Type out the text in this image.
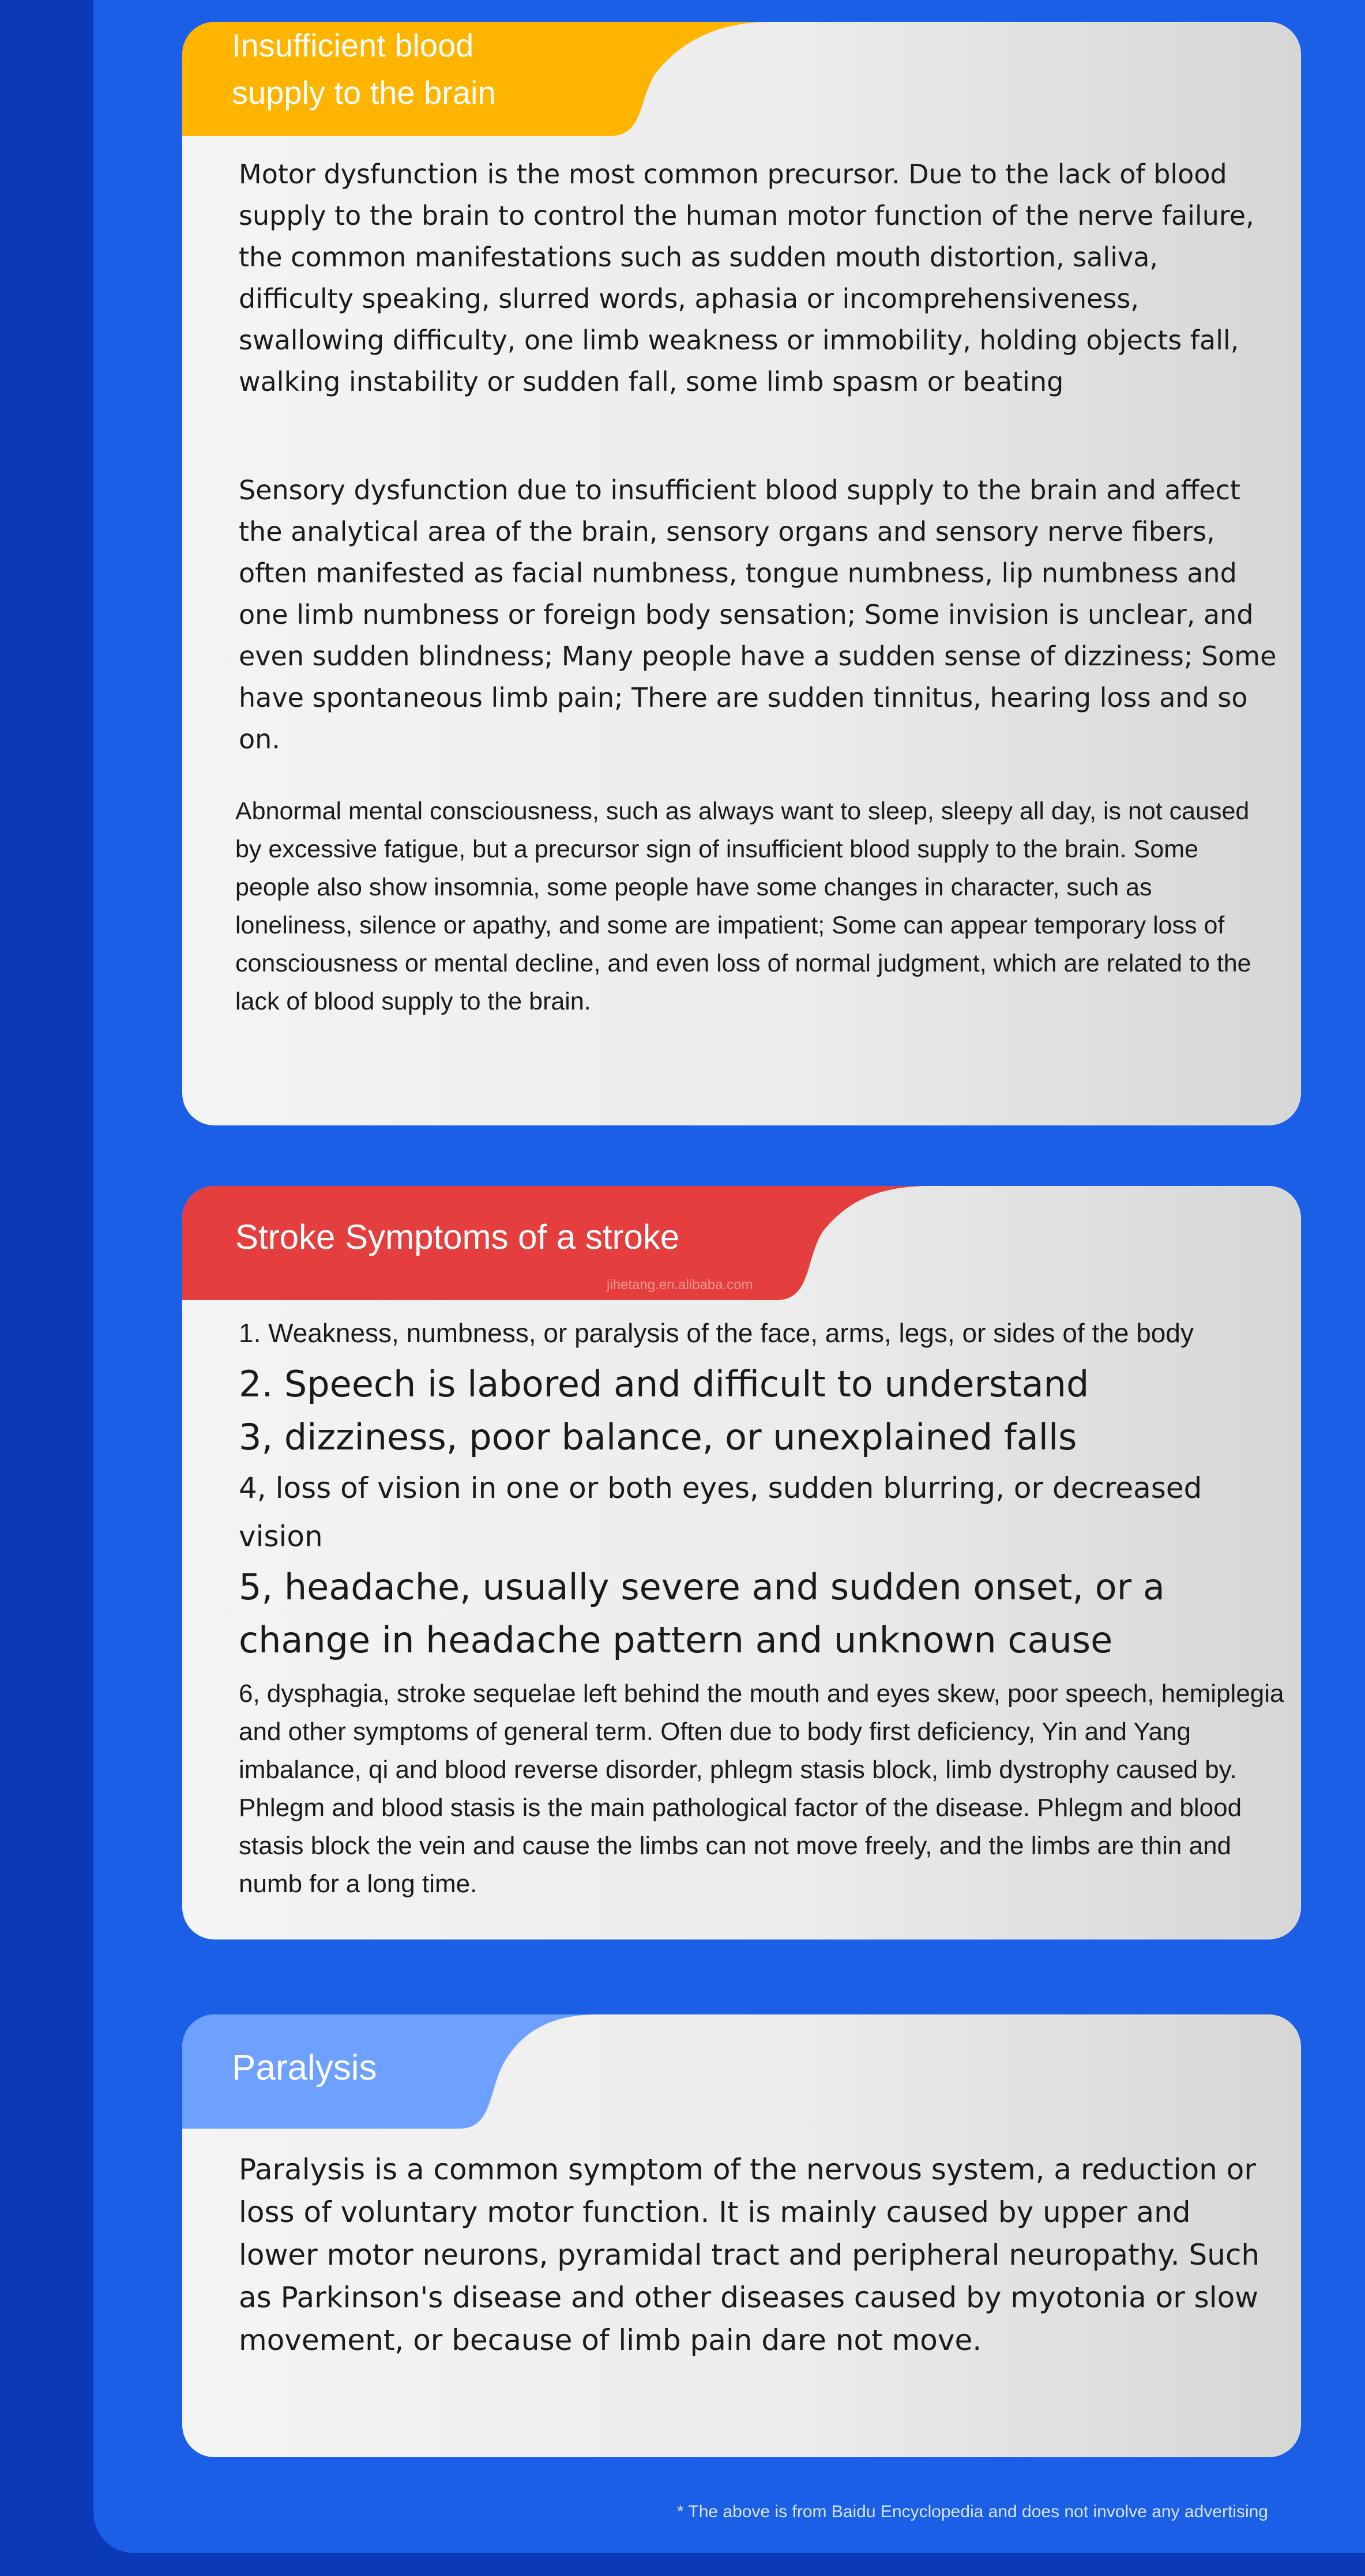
Insufficient blood
supply to the brain

Motor dysfunction is the most common precursor. Due to the lack of blood supply to the brain to control the human motor function of the nerve failure, the common manifestations such as sudden mouth distortion, saliva, difficulty speaking, slurred words, aphasia or incomprehensiveness, swallowing difficulty, one limb weakness or immobility, holding objects fall, walking instability or sudden fall, some limb spasm or beating

Sensory dysfunction due to insufficient blood supply to the brain and affect the analytical area of the brain, sensory organs and sensory nerve fibers, often manifested as facial numbness, tongue numbness, lip numbness and one limb numbness or foreign body sensation; Some invision is unclear, and even sudden blindness; Many people have a sudden sense of dizziness; Some have spontaneous limb pain; There are sudden tinnitus, hearing loss and so on.

Abnormal mental consciousness, such as always want to sleep, sleepy all day, is not caused by excessive fatigue, but a precursor sign of insufficient blood supply to the brain. Some people also show insomnia, some people have some changes in character, such as loneliness, silence or apathy, and some are impatient; Some can appear temporary loss of consciousness or mental decline, and even loss of normal judgment, which are related to the lack of blood supply to the brain.

Stroke Symptoms of a stroke
jihetang.en.alibaba.com
1. Weakness, numbness, or paralysis of the face, arms, legs, or sides of the body
2. Speech is labored and difficult to understand
3, dizziness, poor balance, or unexplained falls
4, loss of vision in one or both eyes, sudden blurring, or decreased vision
5, headache, usually severe and sudden onset, or a change in headache pattern and unknown cause
6, dysphagia, stroke sequelae left behind the mouth and eyes skew, poor speech, hemiplegia and other symptoms of general term. Often due to body first deficiency, Yin and Yang imbalance, qi and blood reverse disorder, phlegm stasis block, limb dystrophy caused by. Phlegm and blood stasis is the main pathological factor of the disease. Phlegm and blood stasis block the vein and cause the limbs can not move freely, and the limbs are thin and numb for a long time.
Paralysis

Paralysis is a common symptom of the nervous system, a reduction or loss of voluntary motor function. It is mainly caused by upper and lower motor neurons, pyramidal tract and peripheral neuropathy. Such as Parkinson's disease and other diseases caused by myotonia or slow movement, or because of limb pain dare not move.

* The above is from Baidu Encyclopedia and does not involve any advertising
